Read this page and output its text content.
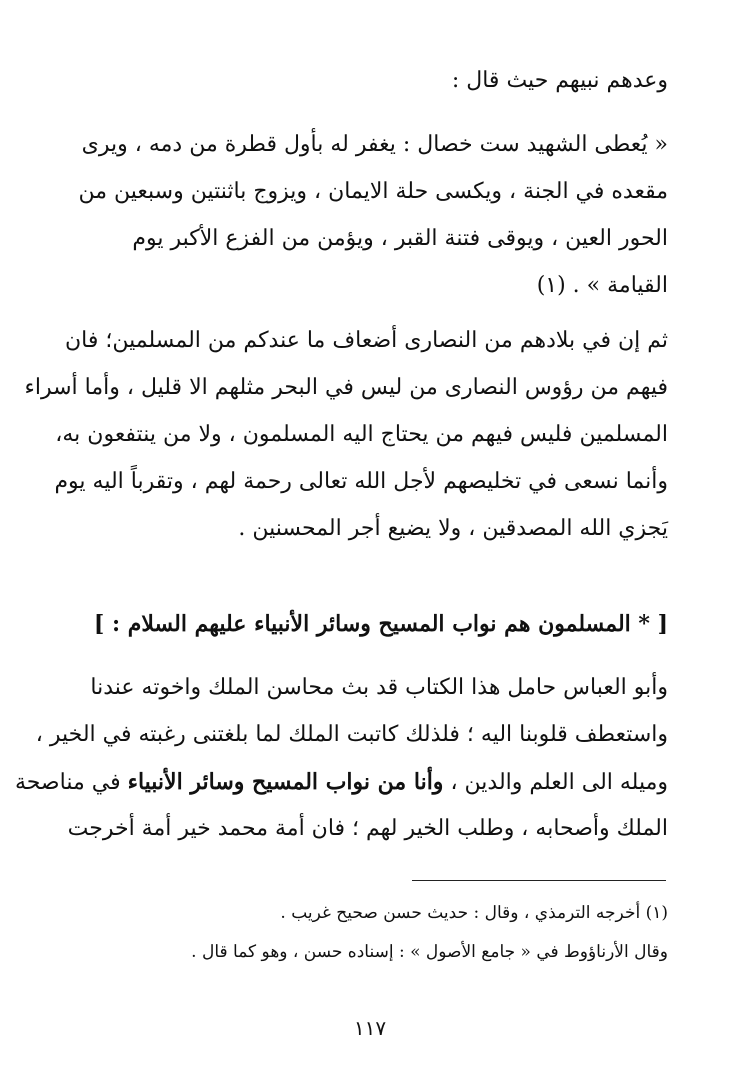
وعدهم نبيهم حيث قال :
« يُعطى الشهيد ست خصال : يغفر له بأول قطرة من دمه ، ويرى
مقعده في الجنة ، ويكسى حلة الايمان ، ويزوج باثنتين وسبعين من
الحور العين ، ويوقى فتنة القبر ، ويؤمن من الفزع الأكبر يوم
القيامة » . (١)
ثم إن في بلادهم من النصارى أضعاف ما عندكم من المسلمين؛ فان
فيهم من رؤوس النصارى من ليس في البحر مثلهم الا قليل ، وأما أسراء
المسلمين فليس فيهم من يحتاج اليه المسلمون ، ولا من ينتفعون به،
وأنما نسعى في تخليصهم لأجل الله تعالى رحمة لهم ، وتقرباً اليه يوم
يَجزي الله المصدقين ، ولا يضيع أجر المحسنين .
[ * المسلمون هم نواب المسيح وسائر الأنبياء عليهم السلام : ]
وأبو العباس حامل هذا الكتاب قد بث محاسن الملك واخوته عندنا
واستعطف قلوبنا اليه ؛ فلذلك كاتبت الملك لما بلغتنى رغبته في الخير ،
وميله الى العلم والدين ، وأنا من نواب المسيح وسائر الأنبياء في مناصحة
الملك وأصحابه ، وطلب الخير لهم ؛ فان أمة محمد خير أمة أخرجت
(١) أخرجه الترمذي ، وقال : حديث حسن صحيح غريب .
وقال الأرناؤوط في « جامع الأصول » : إسناده حسن ، وهو كما قال .
١١٧
